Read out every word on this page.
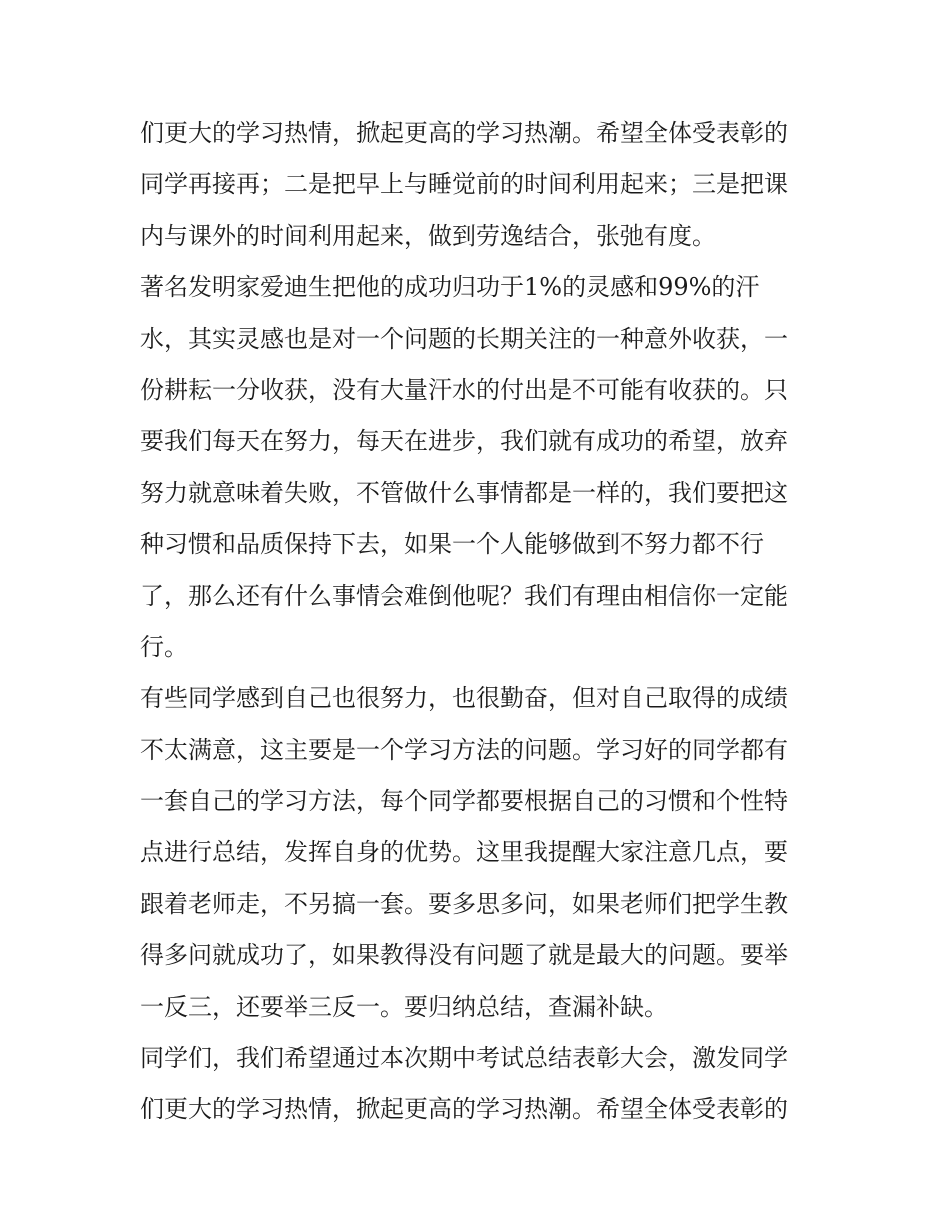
们更大的学习热情，掀起更高的学习热潮。希望全体受表彰的
同学再接再；二是把早上与睡觉前的时间利用起来；三是把课
内与课外的时间利用起来，做到劳逸结合，张弛有度。
著名发明家爱迪生把他的成功归功于1%的灵感和99%的汗
水，其实灵感也是对一个问题的长期关注的一种意外收获，一
份耕耘一分收获，没有大量汗水的付出是不可能有收获的。只
要我们每天在努力，每天在进步，我们就有成功的希望，放弃
努力就意味着失败，不管做什么事情都是一样的，我们要把这
种习惯和品质保持下去，如果一个人能够做到不努力都不行
了，那么还有什么事情会难倒他呢？我们有理由相信你一定能
行。
有些同学感到自己也很努力，也很勤奋，但对自己取得的成绩
不太满意，这主要是一个学习方法的问题。学习好的同学都有
一套自己的学习方法，每个同学都要根据自己的习惯和个性特
点进行总结，发挥自身的优势。这里我提醒大家注意几点，要
跟着老师走，不另搞一套。要多思多问，如果老师们把学生教
得多问就成功了，如果教得没有问题了就是最大的问题。要举
一反三，还要举三反一。要归纳总结，查漏补缺。
同学们，我们希望通过本次期中考试总结表彰大会，激发同学
们更大的学习热情，掀起更高的学习热潮。希望全体受表彰的
